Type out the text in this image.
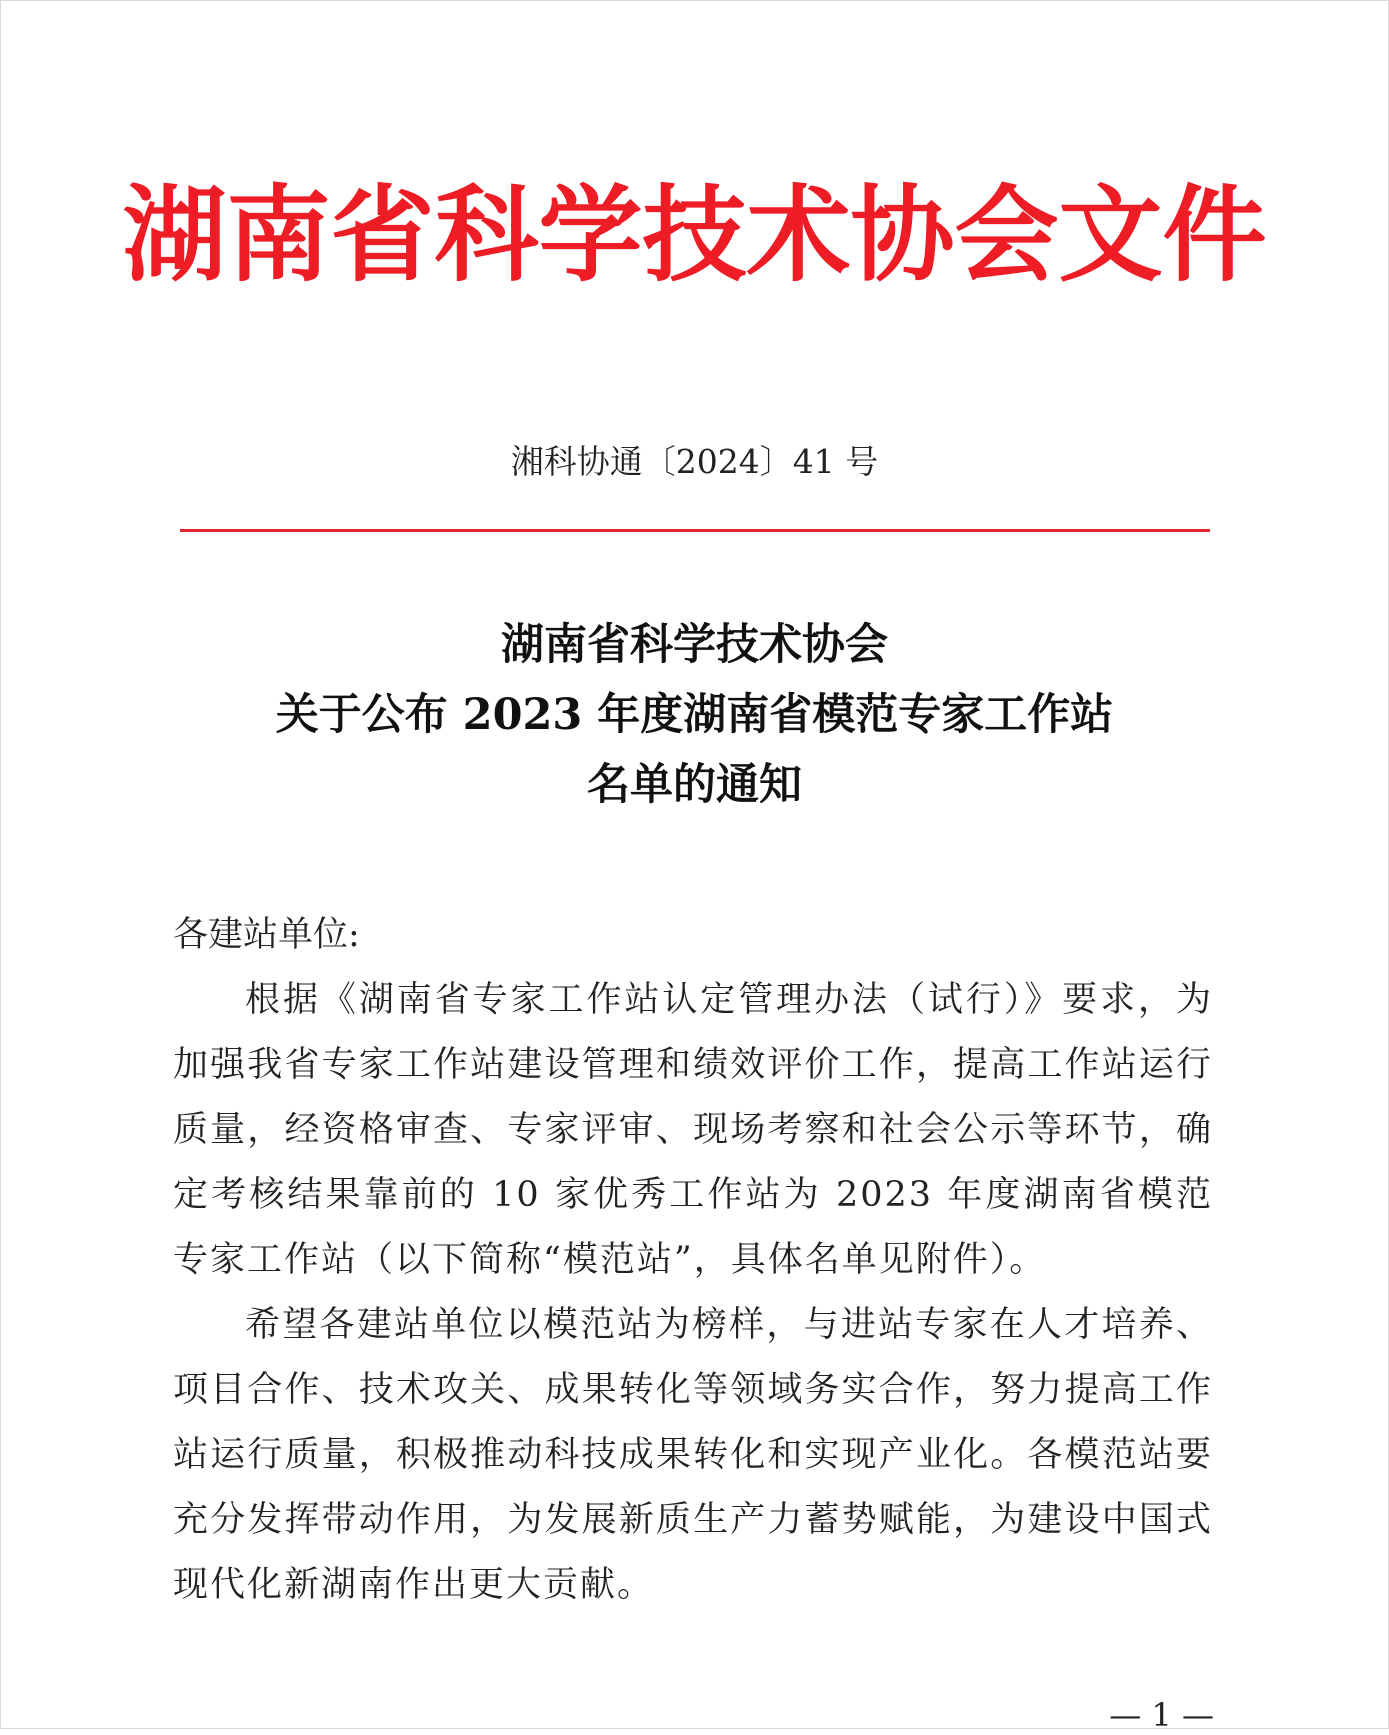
湖南省科学技术协会文件
湘科协通〔2024〕41 号
湖南省科学技术协会
关于公布 2023 年度湖南省模范专家工作站
名单的通知
各建站单位:
根据《湖南省专家工作站认定管理办法（试行）》要求，为加强我省专家工作站建设管理和绩效评价工作，提高工作站运行质量，经资格审查、专家评审、现场考察和社会公示等环节，确定考核结果靠前的 10 家优秀工作站为 2023 年度湖南省模范专家工作站（以下简称“模范站”，具体名单见附件）。
希望各建站单位以模范站为榜样，与进站专家在人才培养、项目合作、技术攻关、成果转化等领域务实合作，努力提高工作站运行质量，积极推动科技成果转化和实现产业化。各模范站要充分发挥带动作用，为发展新质生产力蓄势赋能，为建设中国式现代化新湖南作出更大贡献。
— 1 —
